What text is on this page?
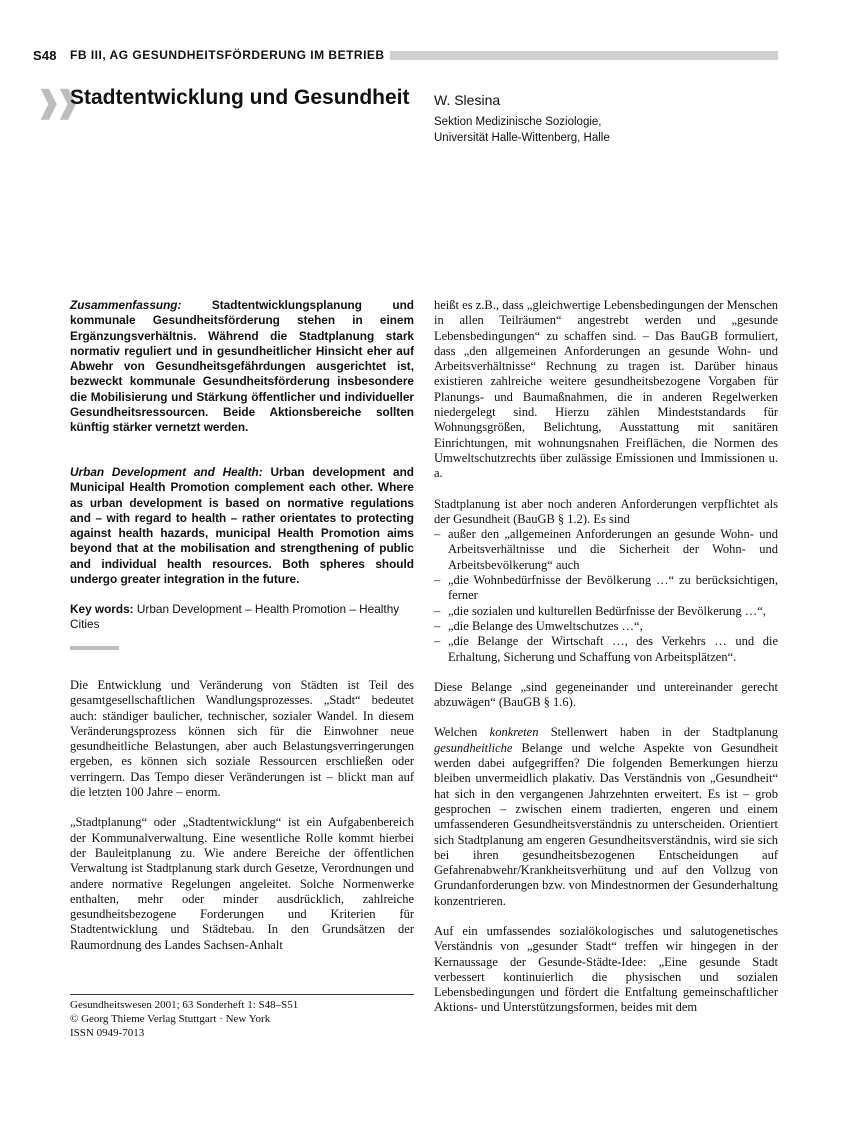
S48 FB III, AG GESUNDHEITSFÖRDERUNG IM BETRIEB
❱❱
Stadtentwicklung und Gesundheit W. Slesina
Sektion Medizinische Soziologie,
Universität Halle-Wittenberg, Halle
Zusammenfassung:	Stadtentwicklungsplanung und kommunale Gesundheitsförderung stehen in einem Ergänzungsverhältnis. Während die Stadtplanung stark normativ reguliert und in gesundheitlicher Hinsicht eher auf Abwehr von Gesundheitsgefährdungen ausgerichtet ist, bezweckt kommunale Gesundheitsförderung insbesondere die Mobilisierung und Stärkung öffentlicher und individueller Gesundheitsressourcen. Beide Aktionsbereiche sollten künftig stärker vernetzt werden.
Urban Development and Health: Urban development and Municipal Health Promotion complement each other. Where as urban development is based on normative regulations and – with regard to health – rather orientates to protecting against health hazards, municipal Health Promotion aims beyond that at the mobilisation and strengthening of public and individual health resources. Both spheres should undergo greater integration in the future.
Key words: Urban Development – Health Promotion – Healthy Cities

Die Entwicklung und Veränderung von Städten ist Teil des gesamtgesellschaftlichen Wandlungsprozesses. „Stadt“ bedeutet auch: ständiger baulicher, technischer, sozialer Wandel. In diesem Veränderungsprozess können sich für die Einwohner neue gesundheitliche Belastungen, aber auch Belastungsverringerungen ergeben, es können sich soziale Ressourcen erschließen oder verringern. Das Tempo dieser Veränderungen ist – blickt man auf die letzten 100 Jahre – enorm.

„Stadtplanung“ oder „Stadtentwicklung“ ist ein Aufgabenbereich der Kommunalverwaltung. Eine wesentliche Rolle kommt hierbei der Bauleitplanung zu. Wie andere Bereiche der öffentlichen Verwaltung ist Stadtplanung stark durch Gesetze, Verordnungen und andere normative Regelungen angeleitet. Solche Normenwerke enthalten, mehr oder minder ausdrücklich, zahlreiche gesundheitsbezogene Forderungen und Kriterien für Stadtentwicklung und Städtebau. In den Grundsätzen der Raumordnung des Landes Sachsen-Anhalt

Gesundheitswesen 2001; 63 Sonderheft 1: S48–S51
© Georg Thieme Verlag Stuttgart · New York
ISSN 0949-7013

heißt es z.B., dass „gleichwertige Lebensbedingungen der Menschen in allen Teilräumen“ angestrebt werden und „gesunde Lebensbedingungen“ zu schaffen sind. – Das BauGB formuliert, dass „den allgemeinen Anforderungen an gesunde Wohn- und Arbeitsverhältnisse“ Rechnung zu tragen ist. Darüber hinaus existieren zahlreiche weitere gesundheitsbezogene Vorgaben für Planungs- und Baumaßnahmen, die in anderen Regelwerken niedergelegt sind. Hierzu zählen Mindeststandards für Wohnungsgrößen, Belichtung, Ausstattung mit sanitären Einrichtungen, mit wohnungsnahen Freiflächen, die Normen des Umweltschutzrechts über zulässige Emissionen und Immissionen u. a.

Stadtplanung ist aber noch anderen Anforderungen verpflichtet als der Gesundheit (BauGB § 1.2). Es sind

– außer den „allgemeinen Anforderungen an gesunde Wohn- und Arbeitsverhältnisse und die Sicherheit der Wohn- und Arbeitsbevölkerung“ auch
– „die Wohnbedürfnisse der Bevölkerung …“ zu berücksichtigen, ferner
– „die sozialen und kulturellen Bedürfnisse der Bevölkerung …“,
– „die Belange des Umweltschutzes …“,
– „die Belange der Wirtschaft …, des Verkehrs … und die Erhaltung, Sicherung und Schaffung von Arbeitsplätzen“.

Diese Belange „sind gegeneinander und untereinander gerecht abzuwägen“ (BauGB § 1.6).

Welchen konkreten Stellenwert haben in der Stadtplanung gesundheitliche Belange und welche Aspekte von Gesundheit werden dabei aufgegriffen? Die folgenden Bemerkungen hierzu bleiben unvermeidlich plakativ. Das Verständnis von „Gesundheit“ hat sich in den vergangenen Jahrzehnten erweitert. Es ist – grob gesprochen – zwischen einem tradierten, engeren und einem umfassenderen Gesundheitsverständnis zu unterscheiden. Orientiert sich Stadtplanung am engeren Gesundheitsverständnis, wird sie sich bei ihren gesundheitsbezogenen Entscheidungen auf Gefahrenabwehr/Krankheitsverhütung und auf den Vollzug von Grundanforderungen bzw. von Mindestnormen der Gesunderhaltung konzentrieren.

Auf ein umfassendes sozialökologisches und salutogenetisches Verständnis von „gesunder Stadt“ treffen wir hingegen in der Kernaussage der Gesunde-Städte-Idee: „Eine gesunde Stadt verbessert kontinuierlich die physischen und sozialen Lebensbedingungen und fördert die Entfaltung gemeinschaftlicher Aktions- und Unterstützungsformen, beides mit dem
